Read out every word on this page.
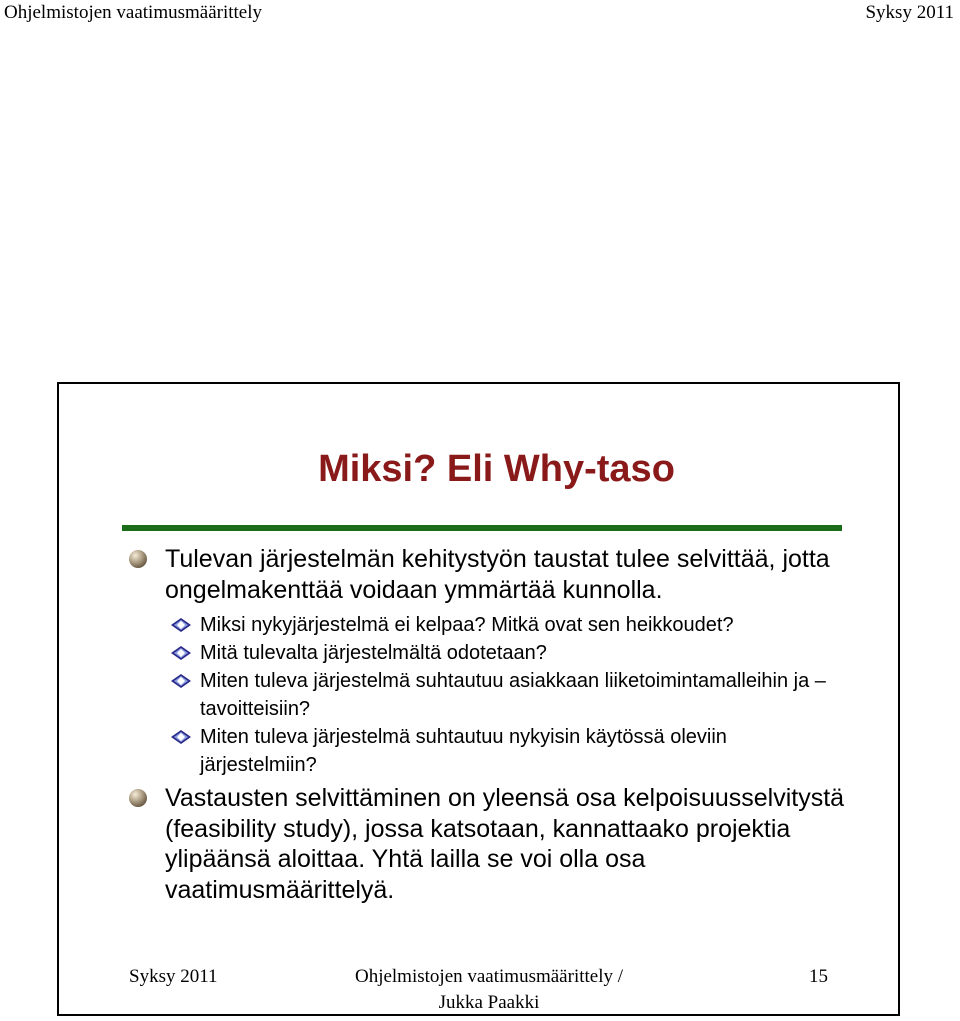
Ohjelmistojen vaatimusmäärittely	Syksy 2011
Miksi? Eli Why-taso
Tulevan järjestelmän kehitystyön taustat tulee selvittää, jotta ongelmakenttää voidaan ymmärtää kunnolla.
Miksi nykyjärjestelmä ei kelpaa? Mitkä ovat sen heikkoudet?
Mitä tulevalta järjestelmältä odotetaan?
Miten tuleva järjestelmä suhtautuu asiakkaan liiketoimintamalleihin ja –tavoitteisiin?
Miten tuleva järjestelmä suhtautuu nykyisin käytössä oleviin järjestelmiin?
Vastausten selvittäminen on yleensä osa kelpoisuusselvitystä (feasibility study), jossa katsotaan, kannattaako projektia ylipäänsä aloittaa. Yhtä lailla se voi olla osa vaatimusmäärittelyä.
Syksy 2011	Ohjelmistojen vaatimusmäärittely /
Jukka Paakki
15
